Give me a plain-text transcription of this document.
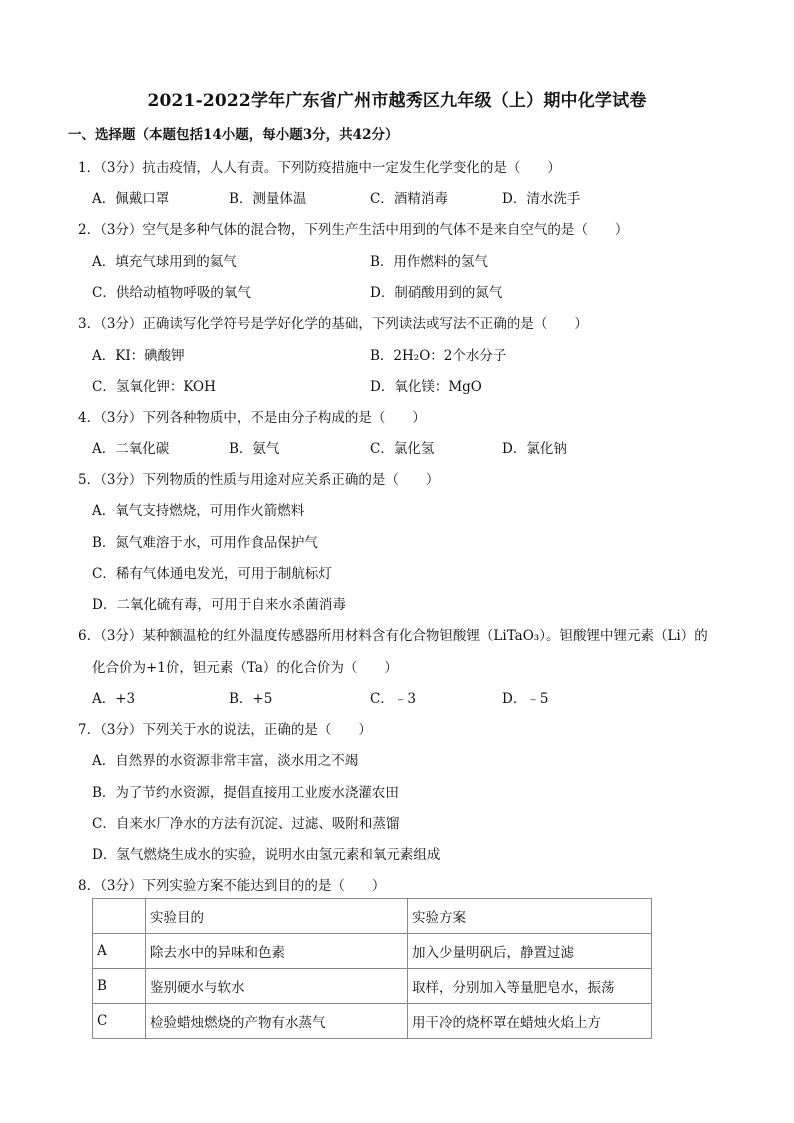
2021-2022学年广东省广州市越秀区九年级（上）期中化学试卷
一、选择题（本题包括14小题，每小题3分，共42分）
1．（3分）抗击疫情，人人有责。下列防疫措施中一定发生化学变化的是（　　）
A．佩戴口罩	B．测量体温	C．酒精消毒	D．清水洗手
2．（3分）空气是多种气体的混合物，下列生产生活中用到的气体不是来自空气的是（　　）
A．填充气球用到的氦气	B．用作燃料的氢气
C．供给动植物呼吸的氧气	D．制硝酸用到的氮气
3．（3分）正确读写化学符号是学好化学的基础，下列读法或写法不正确的是（　　）
A．KI：碘酸钾	B．2H₂O：2个水分子
C．氢氧化钾：KOH	D．氧化镁：MgO
4．（3分）下列各种物质中，不是由分子构成的是（　　）
A．二氧化碳	B．氨气	C．氯化氢	D．氯化钠
5．（3分）下列物质的性质与用途对应关系正确的是（　　）
A．氧气支持燃烧，可用作火箭燃料
B．氮气难溶于水，可用作食品保护气
C．稀有气体通电发光，可用于制航标灯
D．二氧化硫有毒，可用于自来水杀菌消毒
6．（3分）某种额温枪的红外温度传感器所用材料含有化合物钽酸锂（LiTaO₃）。钽酸锂中锂元素（Li）的
化合价为+1价，钽元素（Ta）的化合价为（　　）
A．+3	B．+5	C．﹣3	D．﹣5
7．（3分）下列关于水的说法，正确的是（　　）
A．自然界的水资源非常丰富，淡水用之不竭
B．为了节约水资源，提倡直接用工业废水浇灌农田
C．自来水厂净水的方法有沉淀、过滤、吸附和蒸馏
D．氢气燃烧生成水的实验，说明水由氢元素和氧元素组成
8．（3分）下列实验方案不能达到目的的是（　　）
	实验目的	实验方案
A	除去水中的异味和色素	加入少量明矾后，静置过滤
B	鉴别硬水与软水	取样，分别加入等量肥皂水，振荡
C	检验蜡烛燃烧的产物有水蒸气	用干冷的烧杯罩在蜡烛火焰上方
